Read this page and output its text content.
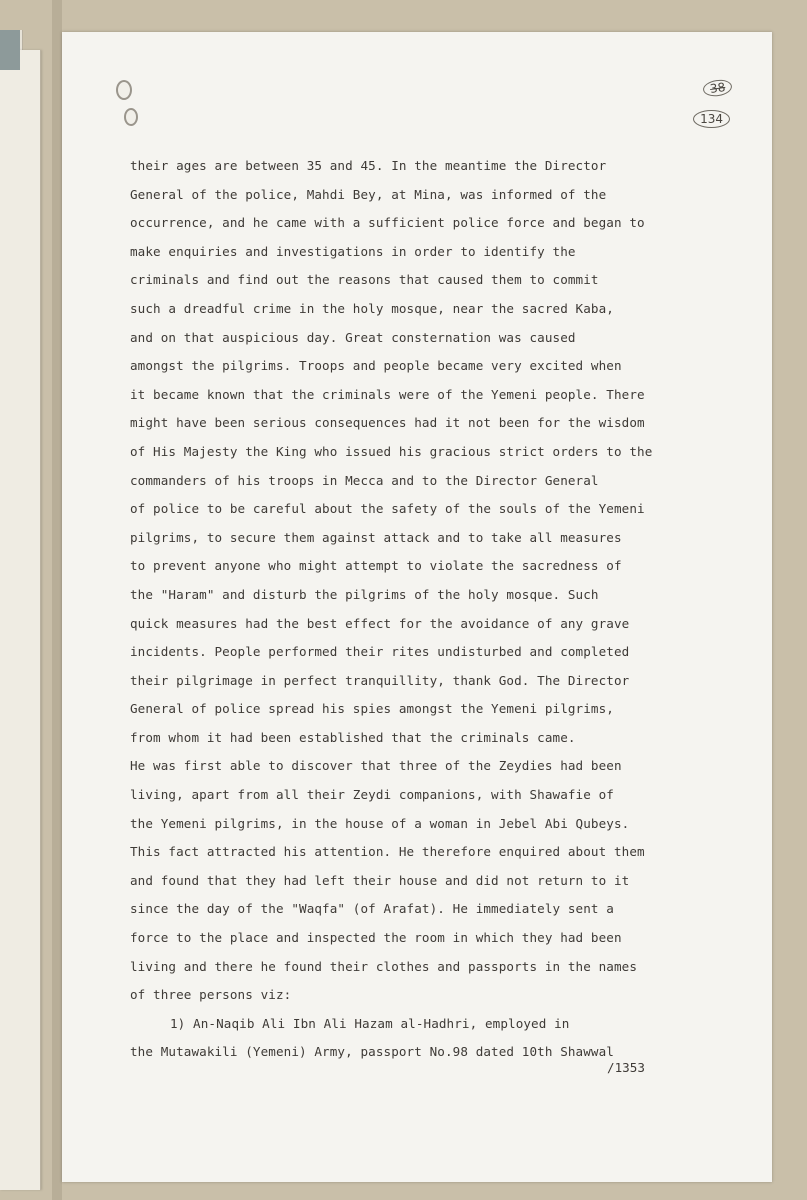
38
134
their ages are between 35 and 45. In the meantime the Director
General of the police, Mahdi Bey, at Mina, was informed of the
occurrence, and he came with a sufficient police force and began to
make enquiries and investigations in order to identify the
criminals and find out the reasons that caused them to commit
such a dreadful crime in the holy mosque, near the sacred Kaba,
and on that auspicious day. Great consternation was caused
amongst the pilgrims. Troops and people became very excited when
it became known that the criminals were of the Yemeni people. There
might have been serious consequences had it not been for the wisdom
of His Majesty the King who issued his gracious strict orders to the
commanders of his troops in Mecca and to the Director General
of police to be careful about the safety of the souls of the Yemeni
pilgrims, to secure them against attack and to take all measures
to prevent anyone who might attempt to violate the sacredness of
the "Haram" and disturb the pilgrims of the holy mosque. Such
quick measures had the best effect for the avoidance of any grave
incidents. People performed their rites undisturbed and completed
their pilgrimage in perfect tranquillity, thank God. The Director
General of police spread his spies amongst the Yemeni pilgrims,
from whom it had been established that the criminals came.
He was first able to discover that three of the Zeydies had been
living, apart from all their Zeydi companions, with Shawafie of
the Yemeni pilgrims, in the house of a woman in Jebel Abi Qubeys.
This fact attracted his attention. He therefore enquired about them
and found that they had left their house and did not return to it
since the day of the "Waqfa" (of Arafat). He immediately sent a
force to the place and inspected the room in which they had been
living and there he found their clothes and passports in the names
of three persons viz:
1) An-Naqib Ali Ibn Ali Hazam al-Hadhri, employed in
the Mutawakili (Yemeni) Army, passport No.98 dated 10th Shawwal
/1353
